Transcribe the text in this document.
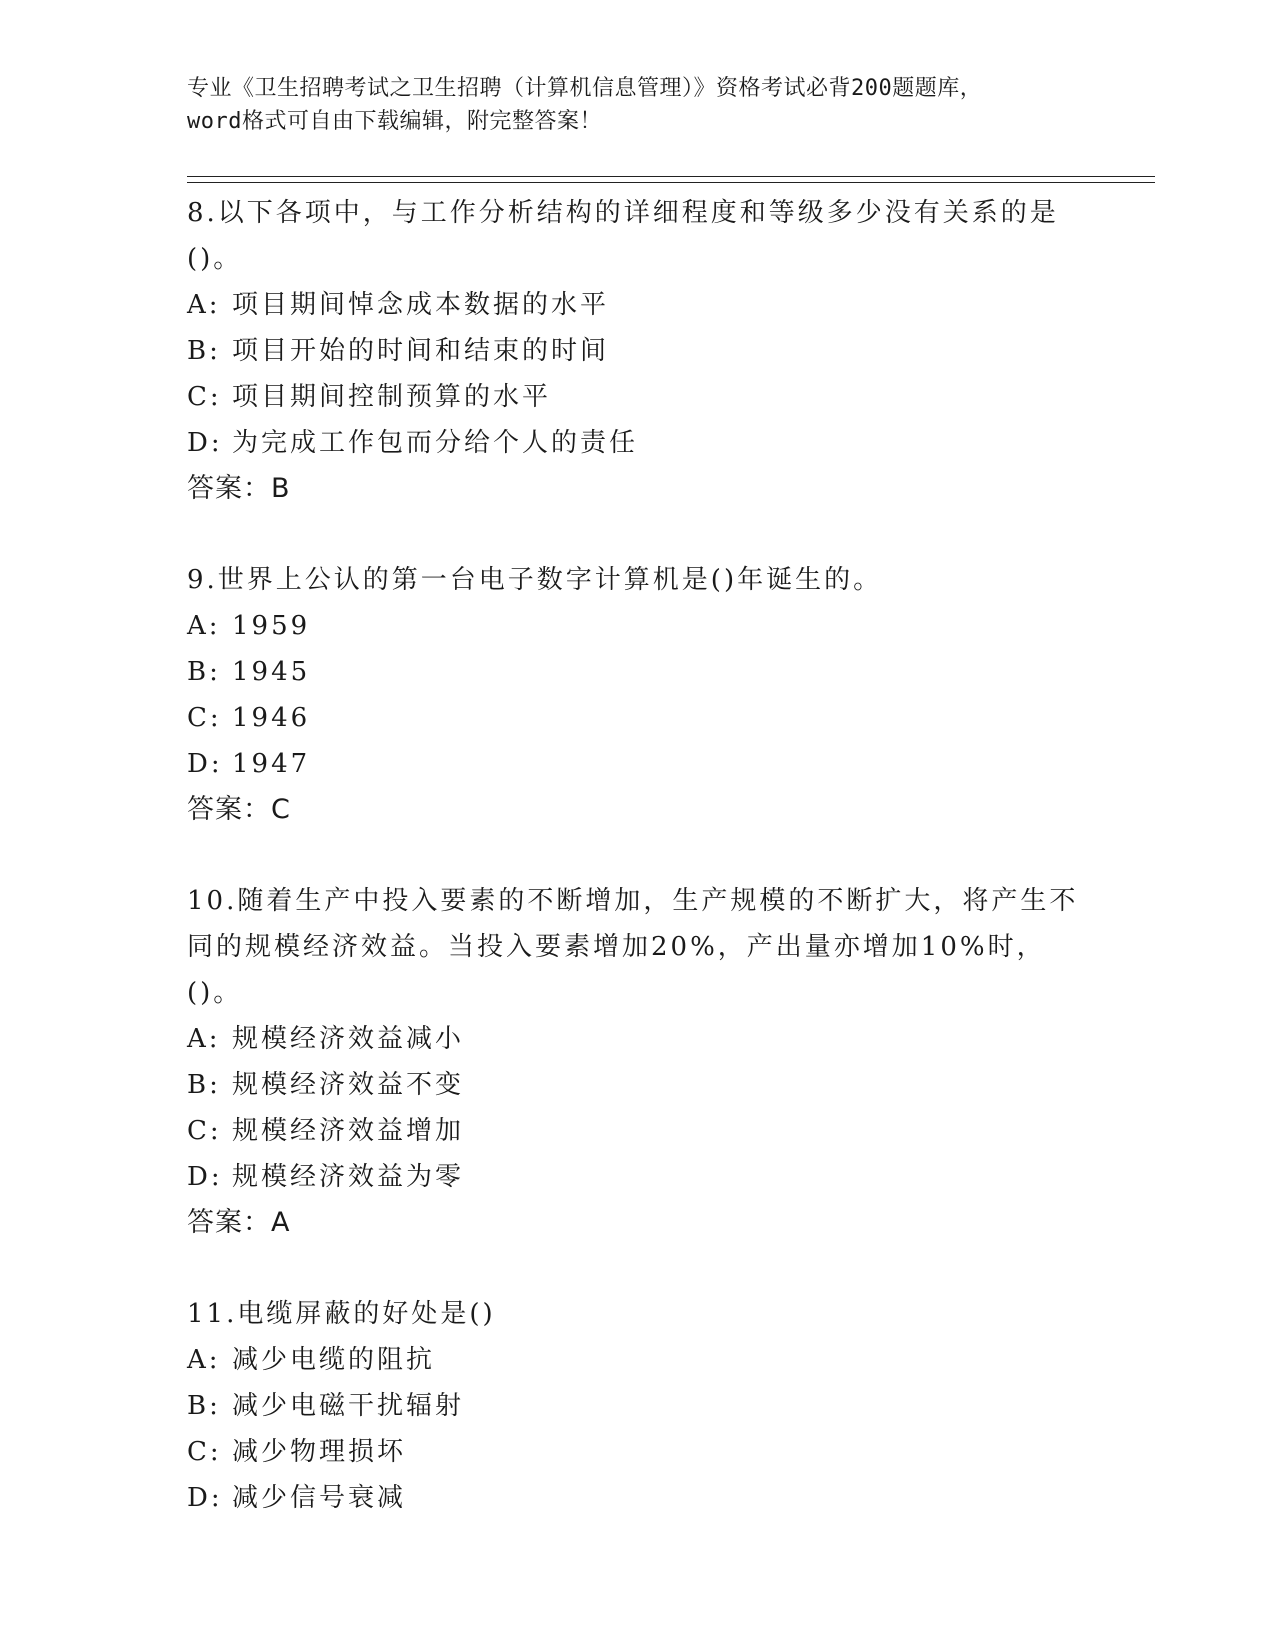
专业《卫生招聘考试之卫生招聘（计算机信息管理）》资格考试必背200题题库，
word格式可自由下载编辑，附完整答案！

8.以下各项中，与工作分析结构的详细程度和等级多少没有关系的是()。

A: 项目期间悼念成本数据的水平
B: 项目开始的时间和结束的时间
C: 项目期间控制预算的水平
D: 为完成工作包而分给个人的责任
答案：B

9.世界上公认的第一台电子数字计算机是()年诞生的。

A: 1959
B: 1945
C: 1946
D: 1947
答案：C

10.随着生产中投入要素的不断增加，生产规模的不断扩大，将产生不同的规模经济效益。当投入要素增加20%，产出量亦增加10%时，()。

A: 规模经济效益减小
B: 规模经济效益不变
C: 规模经济效益增加
D: 规模经济效益为零
答案：A

11.电缆屏蔽的好处是()

A: 减少电缆的阻抗
B: 减少电磁干扰辐射
C: 减少物理损坏
D: 减少信号衰减
